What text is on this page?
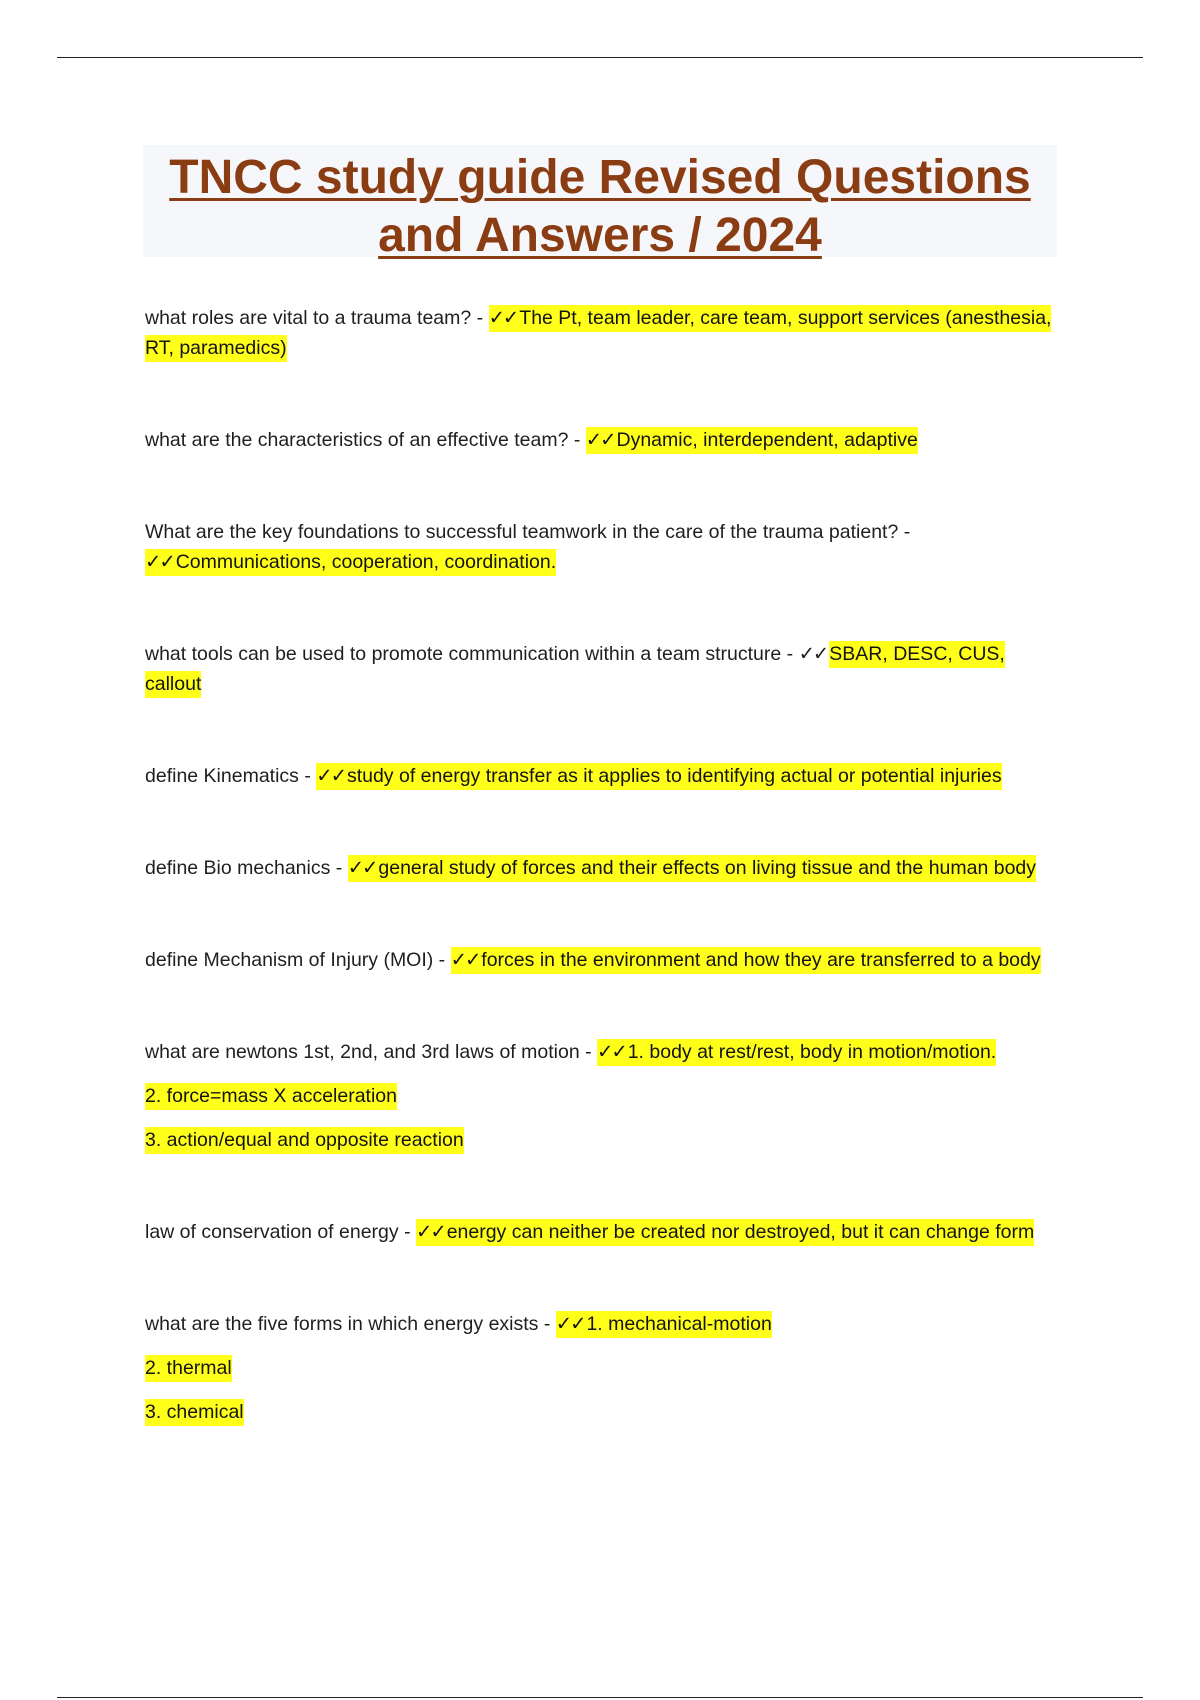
TNCC study guide Revised Questions
and Answers / 2024

what roles are vital to a trauma team? - ✓✓ The Pt, team leader, care team, support services (anesthesia, RT, paramedics)

what are the characteristics of an effective team? - ✓✓ Dynamic, interdependent, adaptive

What are the key foundations to successful teamwork in the care of the trauma patient? - ✓✓ Communications, cooperation, coordination.

what tools can be used to promote communication within a team structure - ✓✓ SBAR, DESC, CUS, callout

define Kinematics - ✓✓ study of energy transfer as it applies to identifying actual or potential injuries

define Bio mechanics - ✓✓ general study of forces and their effects on living tissue and the human body

define Mechanism of Injury (MOI) - ✓✓ forces in the environment and how they are transferred to a body

what are newtons 1st, 2nd, and 3rd laws of motion - ✓✓ 1. body at rest/rest, body in motion/motion.

2. force=mass X acceleration

3. action/equal and opposite reaction

law of conservation of energy - ✓✓ energy can neither be created nor destroyed, but it can change form

what are the five forms in which energy exists - ✓✓ 1. mechanical-motion

2. thermal

3. chemical
